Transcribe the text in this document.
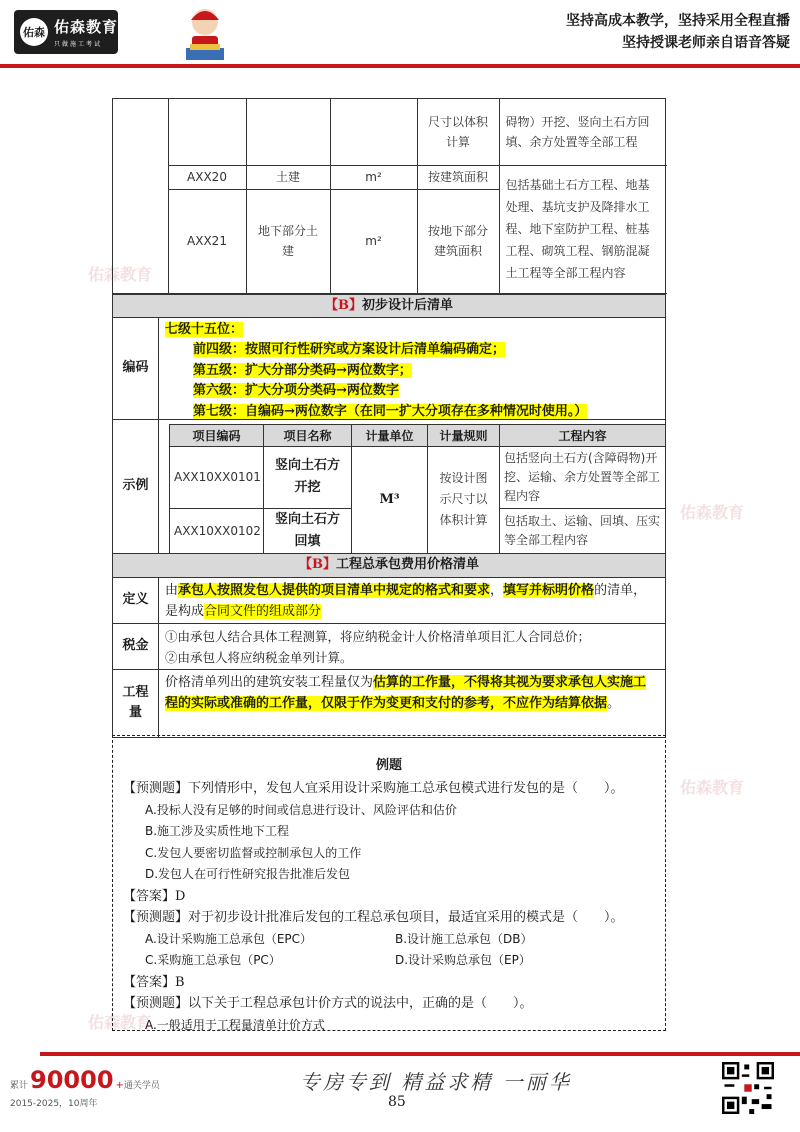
佑森 佑森教育
只做施工考试
坚持高成本教学，坚持采用全程直播
坚持授课老师亲自语音答疑
佑森教育
佑森教育
佑森教育
佑森教育
				尺寸以体积计算	碍物）开挖、竖向土石方回填、余方处置等全部工程
	AXX20	土建	m²	按建筑面积	包括基础土石方工程、地基处理、基坑支护及降排水工程、地下室防护工程、桩基工程、砌筑工程、钢筋混凝土工程等全部工程内容
	AXX21	地下部分土建	m²	按地下部分建筑面积	
【B】初步设计后清单
编码
七级十五位：
前四级：按照可行性研究或方案设计后清单编码确定；
第五级：扩大分部分类码→两位数字；
第六级：扩大分项分类码→两位数字
第七级：自编码→两位数字（在同一扩大分项存在多种情况时使用。）
示例
项目编码	项目名称	计量单位	计量规则	工程内容
AXX10XX0101	竖向土石方开挖	M³	按设计图示尺寸以体积计算	包括竖向土石方(含障碍物)开挖、运输、余方处置等全部工程内容
AXX10XX0102	竖向土石方回填			包括取土、运输、回填、压实等全部工程内容
【B】工程总承包费用价格清单
定义
由承包人按照发包人提供的项目清单中规定的格式和要求，填写并标明价格的清单，是构成合同文件的组成部分
税金
①由承包人结合具体工程测算，将应纳税金计人价格清单项目汇人合同总价；
②由承包人将应纳税金单列计算。
工程量
价格清单列出的建筑安装工程量仅为估算的工作量，不得将其视为要求承包人实施工程的实际或准确的工作量，仅限于作为变更和支付的参考，不应作为结算依据。
例题
【预测题】下列情形中，发包人宜采用设计采购施工总承包模式进行发包的是（　　）。
A.投标人没有足够的时间或信息进行设计、风险评估和估价
B.施工涉及实质性地下工程
C.发包人要密切监督或控制承包人的工作
D.发包人在可行性研究报告批准后发包
【答案】D
【预测题】对于初步设计批准后发包的工程总承包项目，最适宜采用的模式是（　　）。
A.设计采购施工总承包（EPC）	B.设计施工总承包（DB）
C.采购施工总承包（PC）	D.设计采购总承包（EP）
【答案】B
【预测题】以下关于工程总承包计价方式的说法中，正确的是（　　）。
A.一般适用于工程量清单计价方式
累计 90000 + 通关学员
2015-2025，10周年
专房专到 精益求精 一丽华
85
